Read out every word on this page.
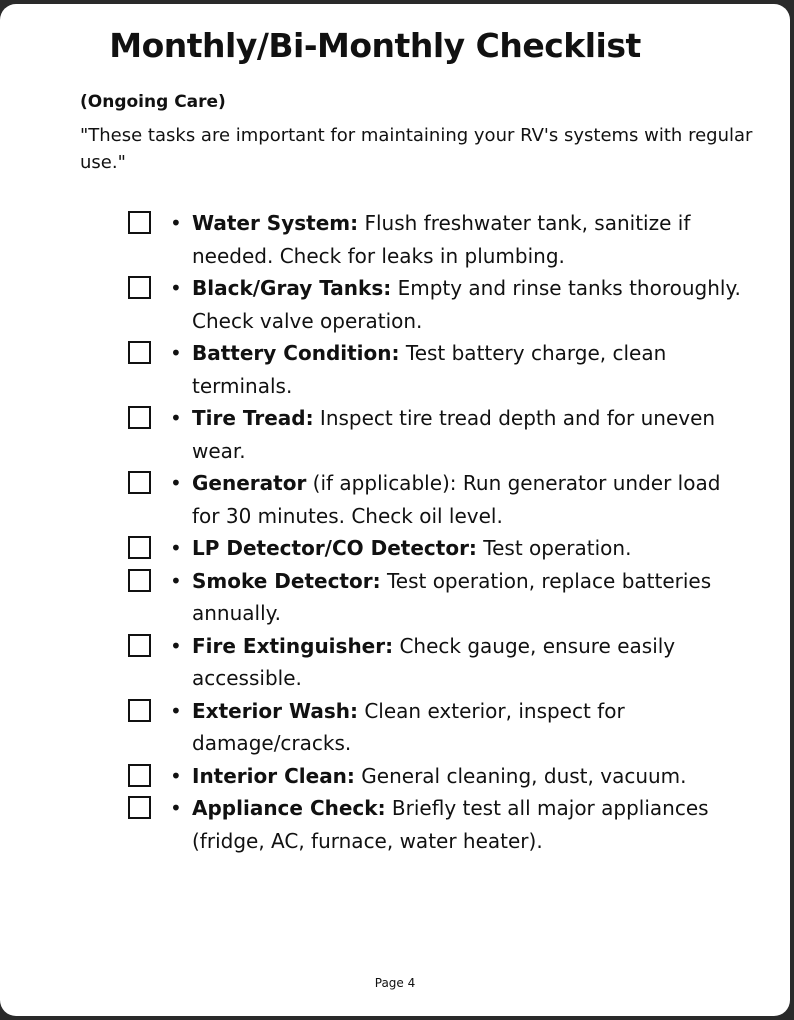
Monthly/Bi-Monthly Checklist

(Ongoing Care)

"These tasks are important for maintaining your RV's systems with regular use."

• Water System: Flush freshwater tank, sanitize if needed. Check for leaks in plumbing.
• Black/Gray Tanks: Empty and rinse tanks thoroughly. Check valve operation.
• Battery Condition: Test battery charge, clean terminals.
• Tire Tread: Inspect tire tread depth and for uneven wear.
• Generator (if applicable): Run generator under load for 30 minutes. Check oil level.
• LP Detector/CO Detector: Test operation.
• Smoke Detector: Test operation, replace batteries annually.
• Fire Extinguisher: Check gauge, ensure easily accessible.
• Exterior Wash: Clean exterior, inspect for damage/cracks.
• Interior Clean: General cleaning, dust, vacuum.
• Appliance Check: Briefly test all major appliances (fridge, AC, furnace, water heater).

Page 4
